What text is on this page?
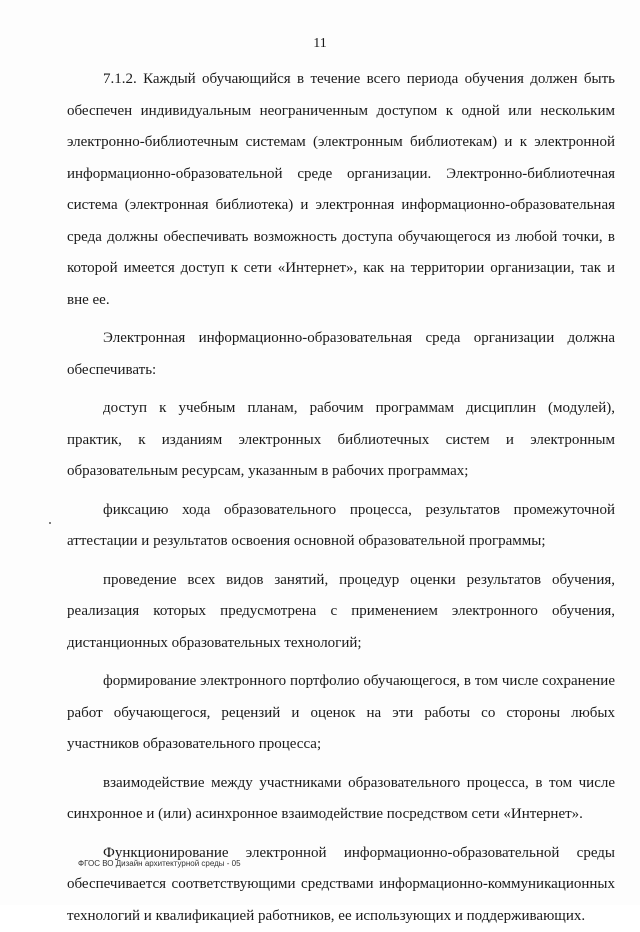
11

7.1.2. Каждый обучающийся в течение всего периода обучения должен быть обеспечен индивидуальным неограниченным доступом к одной или нескольким электронно-библиотечным системам (электронным библиотекам) и к электронной информационно-образовательной среде организации. Электронно-библиотечная система (электронная библиотека) и электронная информационно-образовательная среда должны обеспечивать возможность доступа обучающегося из любой точки, в которой имеется доступ к сети «Интернет», как на территории организации, так и вне ее.

Электронная информационно-образовательная среда организации должна обеспечивать:

доступ к учебным планам, рабочим программам дисциплин (модулей), практик, к изданиям электронных библиотечных систем и электронным образовательным ресурсам, указанным в рабочих программах;

фиксацию хода образовательного процесса, результатов промежуточной аттестации и результатов освоения основной образовательной программы;

проведение всех видов занятий, процедур оценки результатов обучения, реализация которых предусмотрена с применением электронного обучения, дистанционных образовательных технологий;

формирование электронного портфолио обучающегося, в том числе сохранение работ обучающегося, рецензий и оценок на эти работы со стороны любых участников образовательного процесса;

взаимодействие между участниками образовательного процесса, в том числе синхронное и (или) асинхронное взаимодействие посредством сети «Интернет».

Функционирование электронной информационно-образовательной среды обеспечивается соответствующими средствами информационно-коммуникационных технологий и квалификацией работников, ее использующих и поддерживающих.

ФГОС ВО Дизайн архитектурной среды - 05
